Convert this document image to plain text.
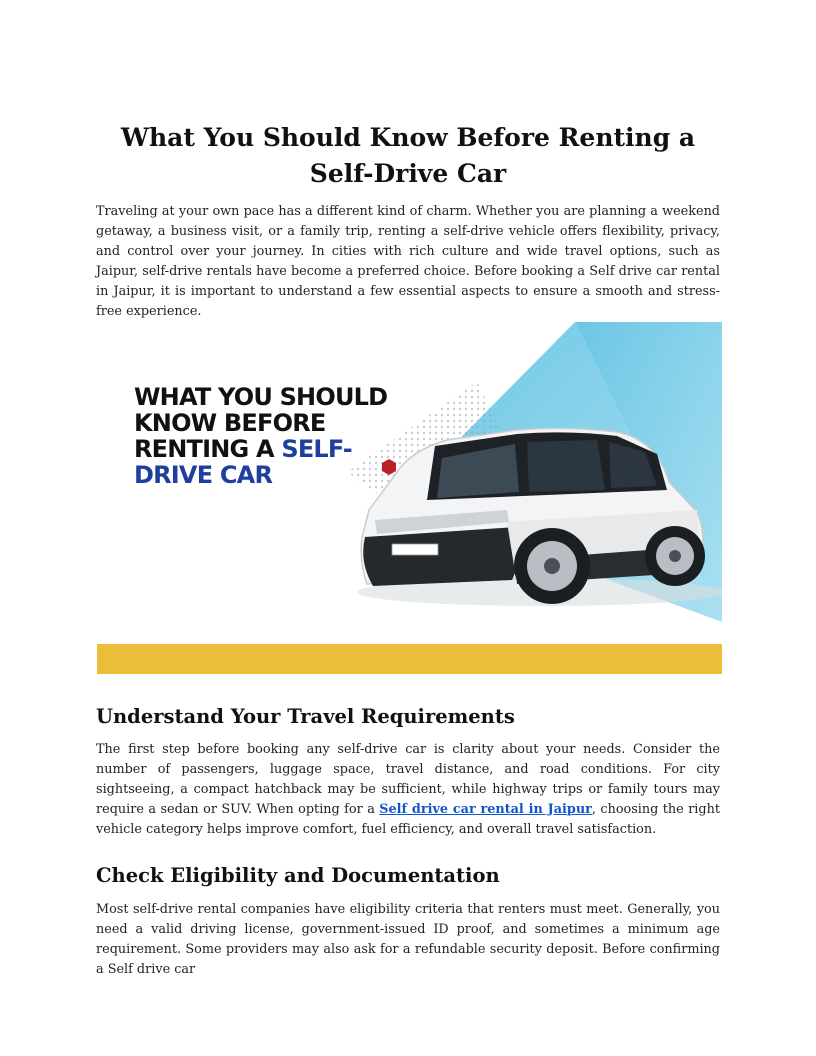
What You Should Know Before Renting a Self-Drive Car

Traveling at your own pace has a different kind of charm. Whether you are planning a weekend getaway, a business visit, or a family trip, renting a self-drive vehicle offers flexibility, privacy, and control over your journey. In cities with rich culture and wide travel options, such as Jaipur, self-drive rentals have become a preferred choice. Before booking a Self drive car rental in Jaipur, it is important to understand a few essential aspects to ensure a smooth and stress-free experience.

WHAT YOU SHOULD
KNOW BEFORE
RENTING A SELF-
DRIVE CAR
Understand Your Travel Requirements

The first step before booking any self-drive car is clarity about your needs. Consider the number of passengers, luggage space, travel distance, and road conditions. For city sightseeing, a compact hatchback may be sufficient, while highway trips or family tours may require a sedan or SUV. When opting for a Self drive car rental in Jaipur, choosing the right vehicle category helps improve comfort, fuel efficiency, and overall travel satisfaction.

Check Eligibility and Documentation

Most self-drive rental companies have eligibility criteria that renters must meet. Generally, you need a valid driving license, government-issued ID proof, and sometimes a minimum age requirement. Some providers may also ask for a refundable security deposit. Before confirming a Self drive car
